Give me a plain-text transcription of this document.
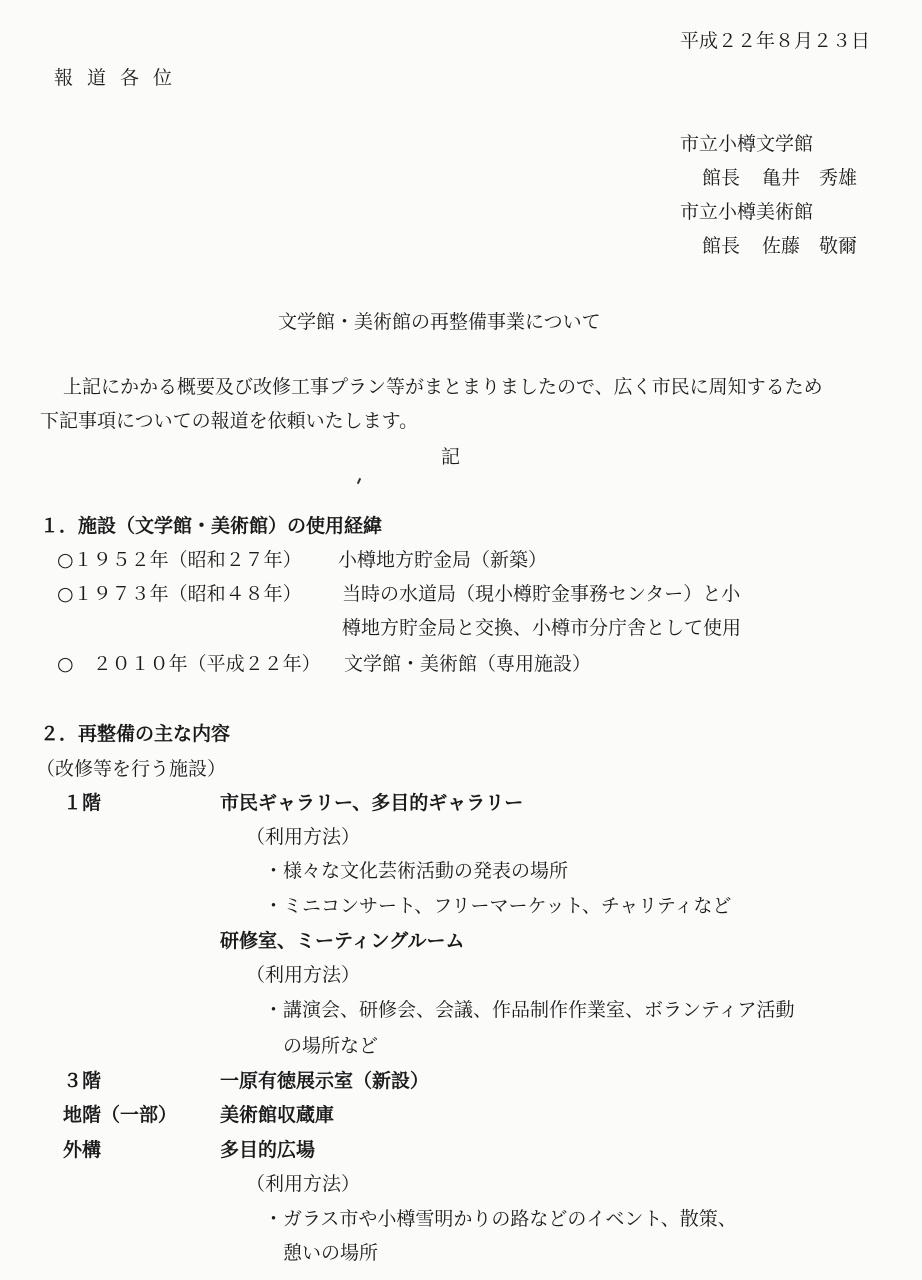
平成２２年８月２３日
報道各位
市立小樽文学館
館長 亀井　秀雄
市立小樽美術館
館長 佐藤　敬爾
文学館・美術館の再整備事業について
上記にかかる概要及び改修工事プラン等がまとまりましたので、広く市民に周知するため
下記事項についての報道を依頼いたします。
記
１．施設（文学館・美術館）の使用経緯
○１９５２年（昭和２７年） 小樽地方貯金局（新築）
○１９７３年（昭和４８年） 当時の水道局（現小樽貯金事務センター）と小
樽地方貯金局と交換、小樽市分庁舎として使用
○　２０１０年（平成２２年） 文学館・美術館（専用施設）
２．再整備の主な内容
（改修等を行う施設）
１階	市民ギャラリー、多目的ギャラリー
（利用方法）
・様々な文化芸術活動の発表の場所
・ミニコンサート、フリーマーケット、チャリティなど
研修室、ミーティングルーム
（利用方法）
・講演会、研修会、会議、作品制作作業室、ボランティア活動
　の場所など
３階	一原有徳展示室（新設）
地階（一部） 美術館収蔵庫
外構	多目的広場
（利用方法）
・ガラス市や小樽雪明かりの路などのイベント、散策、
　憩いの場所
